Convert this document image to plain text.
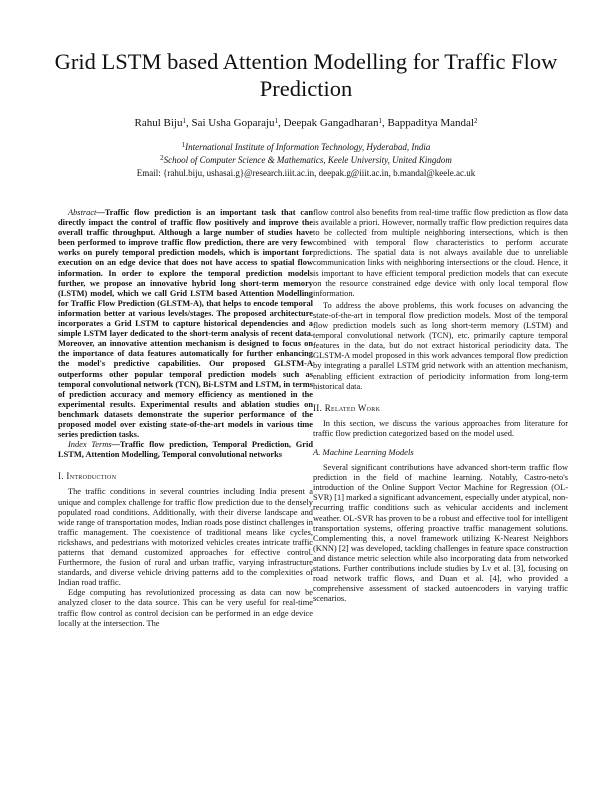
Grid LSTM based Attention Modelling for Traffic Flow Prediction
Rahul Biju$^1$, Sai Usha Goparaju$^1$, Deepak Gangadharan$^1$, Bappaditya Mandal$^2$
$^1$International Institute of Information Technology, Hyderabad, India
$^2$School of Computer Science & Mathematics, Keele University, United Kingdom
Email: {rahul.biju, ushasai.g}@research.iiit.ac.in, deepak.g@iiit.ac.in, b.mandal@keele.ac.uk

Abstract—Traffic flow prediction is an important task that can directly impact the control of traffic flow positively and improve the overall traffic throughput. Although a large number of studies have been performed to improve traffic flow prediction, there are very few works on purely temporal prediction models, which is important for execution on an edge device that does not have access to spatial flow information. In order to explore the temporal prediction models further, we propose an innovative hybrid long short-term memory (LSTM) model, which we call Grid LSTM based Attention Modelling for Traffic Flow Prediction (GLSTM-A), that helps to encode temporal information better at various levels/stages. The proposed architecture incorporates a Grid LSTM to capture historical dependencies and a simple LSTM layer dedicated to the short-term analysis of recent data. Moreover, an innovative attention mechanism is designed to focus on the importance of data features automatically for further enhancing the model's predictive capabilities. Our proposed GLSTM-A outperforms other popular temporal prediction models such as temporal convolutional network (TCN), Bi-LSTM and LSTM, in terms of prediction accuracy and memory efficiency as mentioned in the experimental results. Experimental results and ablation studies on benchmark datasets demonstrate the superior performance of the proposed model over existing state-of-the-art models in various time series prediction tasks.

Index Terms—Traffic flow prediction, Temporal Prediction, Grid LSTM, Attention Modelling, Temporal convolutional networks

I. Introduction

The traffic conditions in several countries including India present a unique and complex challenge for traffic flow prediction due to the densely populated road conditions. Additionally, with their diverse landscape and wide range of transportation modes, Indian roads pose distinct challenges in traffic management. The coexistence of traditional means like cycles, rickshaws, and pedestrians with motorized vehicles creates intricate traffic patterns that demand customized approaches for effective control. Furthermore, the fusion of rural and urban traffic, varying infrastructure standards, and diverse vehicle driving patterns add to the complexities of Indian road traffic.

Edge computing has revolutionized processing as data can now be analyzed closer to the data source. This can be very useful for real-time traffic flow control as control decision can be performed in an edge device locally at the intersection. The

flow control also benefits from real-time traffic flow prediction as flow data is available a priori. However, normally traffic flow prediction requires data to be collected from multiple neighboring intersections, which is then combined with temporal flow characteristics to perform accurate predictions. The spatial data is not always available due to unreliable communication links with neighboring intersections or the cloud. Hence, it is important to have efficient temporal prediction models that can execute on the resource constrained edge device with only local temporal flow information.

To address the above problems, this work focuses on advancing the state-of-the-art in temporal flow prediction models. Most of the temporal flow prediction models such as long short-term memory (LSTM) and temporal convolutional network (TCN), etc. primarily capture temporal features in the data, but do not extract historical periodicity data. The GLSTM-A model proposed in this work advances temporal flow prediction by integrating a parallel LSTM grid network with an attention mechanism, enabling efficient extraction of periodicity information from long-term historical data.

II. Related Work

In this section, we discuss the various approaches from literature for traffic flow prediction categorized based on the model used.

A. Machine Learning Models

Several significant contributions have advanced short-term traffic flow prediction in the field of machine learning. Notably, Castro-neto's introduction of the Online Support Vector Machine for Regression (OL-SVR) [1] marked a significant advancement, especially under atypical, non-recurring traffic conditions such as vehicular accidents and inclement weather. OL-SVR has proven to be a robust and effective tool for intelligent transportation systems, offering proactive traffic management solutions. Complementing this, a novel framework utilizing K-Nearest Neighbors (KNN) [2] was developed, tackling challenges in feature space construction and distance metric selection while also incorporating data from networked stations. Further contributions include studies by Lv et al. [3], focusing on road network traffic flows, and Duan et al. [4], who provided a comprehensive assessment of stacked autoencoders in varying traffic scenarios.
